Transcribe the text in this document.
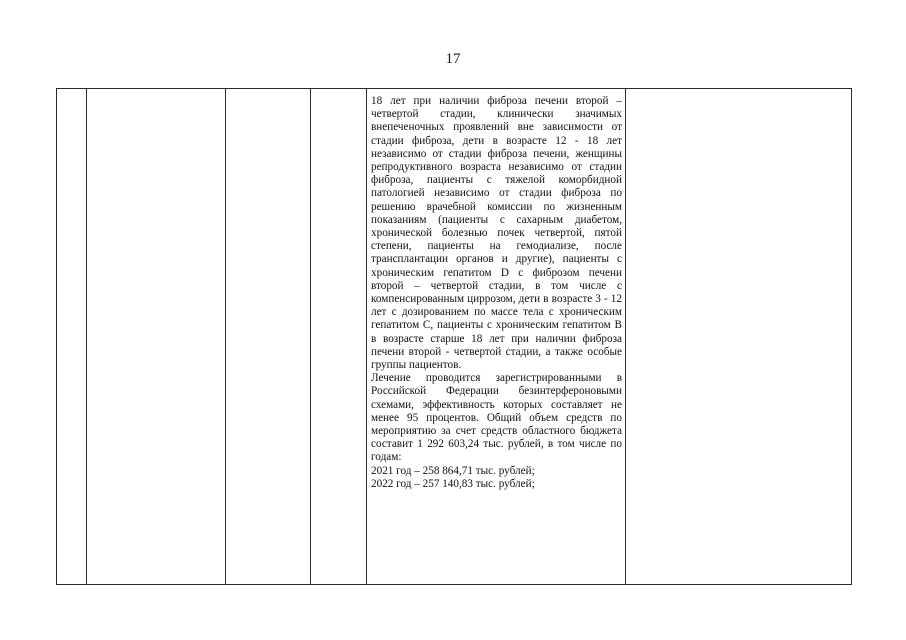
17

18 лет при наличии фиброза печени второй – четвертой стадии, клинически значимых внепеченочных проявлений вне зависимости от стадии фиброза, дети в возрасте 12 - 18 лет независимо от стадии фиброза печени, женщины репродуктивного возраста независимо от стадии фиброза, пациенты с тяжелой коморбидной патологией независимо от стадии фиброза по решению врачебной комиссии по жизненным показаниям (пациенты с сахарным диабетом, хронической болезнью почек четвертой, пятой степени, пациенты на гемодиализе, после трансплантации органов и другие), пациенты с хроническим гепатитом D с фиброзом печени второй – четвертой стадии, в том числе с компенсированным циррозом, дети в возрасте 3 - 12 лет с дозированием по массе тела с хроническим гепатитом С, пациенты с хроническим гепатитом В в возрасте старше 18 лет при наличии фиброза печени второй - четвертой стадии, а также особые группы пациентов.

Лечение проводится зарегистрированными в Российской Федерации безинтерфероновыми схемами, эффективность которых составляет не менее 95 процентов. Общий объем средств по мероприятию за счет средств областного бюджета составит 1 292 603,24 тыс. рублей, в том числе по годам:

2021 год – 258 864,71 тыс. рублей;
2022 год – 257 140,83 тыс. рублей;
